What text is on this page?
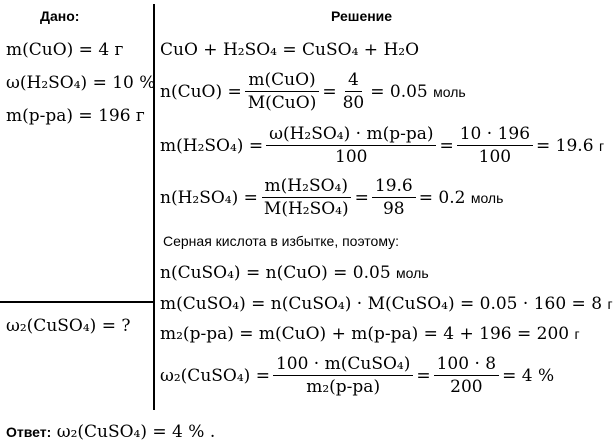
Дано:	Решение
m(CuO) = 4 г
ω(H₂SO₄) = 10 %
m(р-ра) = 196 г
ω₂(CuSO₄) = ?
CuO + H₂SO₄ = CuSO₄ + H₂O
$n(CuO) = \frac{\text{m(CuO)}}{\text{M(CuO)}} = \frac{4}{80} = 0.05$
моль
$m(H_2SO_4) = \frac{\text{ω(H₂SO₄) · m(р-ра)}}{100} = \frac{10 \cdot 196}{100} = 19.6$
г
$n(H_2SO_4) = \frac{\text{m(H₂SO₄)}}{\text{M(H₂SO₄)}} = \frac{19.6}{98} = 0.2$
моль
Серная кислота в избытке, поэтому:
n(CuSO₄) = n(CuO) = 0.05
моль
m(CuSO₄) = n(CuSO₄) · M(CuSO₄) = 0.05 · 160 = 8
г
m₂(р-ра) = m(CuO) + m(р-ра) = 4 + 196 = 200
г
ω₂(CuSO₄) = $\frac{\text{100 · m(CuSO₄)}}{\text{m₂(р-ра)}} = \frac{100 \cdot 8}{200} = 4$ %
Ответ: ω₂(CuSO₄) = 4 % .
